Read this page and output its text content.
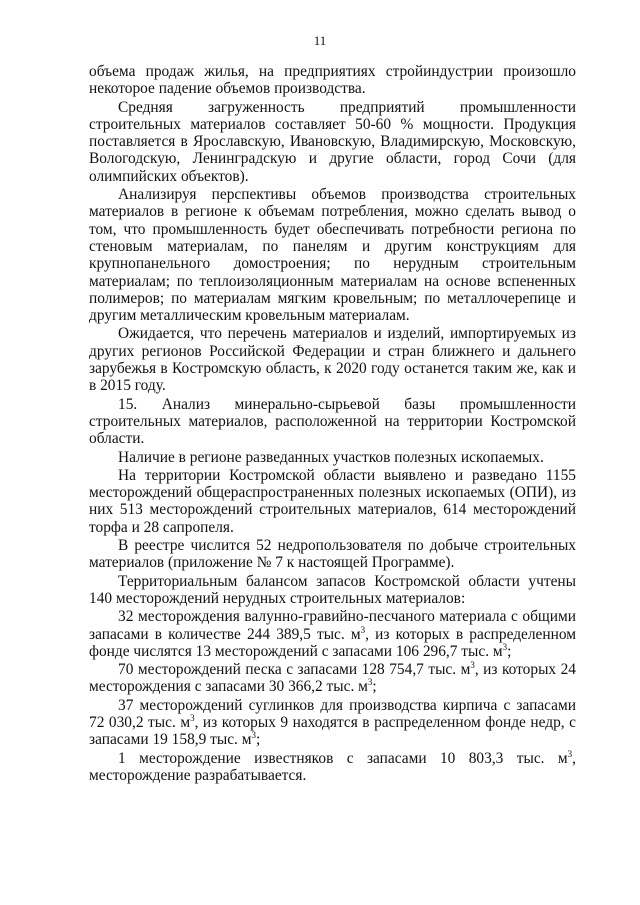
11

объема продаж жилья, на предприятиях стройиндустрии произошло некоторое падение объемов производства.

Средняя загруженность предприятий промышленности строительных материалов составляет 50-60 % мощности. Продукция поставляется в Ярославскую, Ивановскую, Владимирскую, Московскую, Вологодскую, Ленинградскую и другие области, город Сочи (для олимпийских объектов).

Анализируя перспективы объемов производства строительных материалов в регионе к объемам потребления, можно сделать вывод о том, что промышленность будет обеспечивать потребности региона по стеновым материалам, по панелям и другим конструкциям для крупнопанельного домостроения; по нерудным строительным материалам; по теплоизоляционным материалам на основе вспененных полимеров; по материалам мягким кровельным; по металлочерепице и другим металлическим кровельным материалам.

Ожидается, что перечень материалов и изделий, импортируемых из других регионов Российской Федерации и стран ближнего и дальнего зарубежья в Костромскую область, к 2020 году останется таким же, как и в 2015 году.

15. Анализ минерально-сырьевой базы промышленности строительных материалов, расположенной на территории Костромской области.

Наличие в регионе разведанных участков полезных ископаемых.

На территории Костромской области выявлено и разведано 1155 месторождений общераспространенных полезных ископаемых (ОПИ), из них 513 месторождений строительных материалов, 614 месторождений торфа и 28 сапропеля.

В реестре числится 52 недропользователя по добыче строительных материалов (приложение № 7 к настоящей Программе).

Территориальным балансом запасов Костромской области учтены 140 месторождений нерудных строительных материалов:

32 месторождения валунно-гравийно-песчаного материала с общими запасами в количестве 244 389,5 тыс. $м^3$, из которых в распределенном фонде числятся 13 месторождений с запасами 106 296,7 тыс. $м^3$;

70 месторождений песка с запасами 128 754,7 тыс. $м^3$, из которых 24 месторождения с запасами 30 366,2 тыс. $м^3$;

37 месторождений суглинков для производства кирпича с запасами 72 030,2 тыс. $м^3$, из которых 9 находятся в распределенном фонде недр, с запасами 19 158,9 тыс. $м^3$;

1 месторождение известняков с запасами 10 803,3 тыс. $м^3$, месторождение разрабатывается.
